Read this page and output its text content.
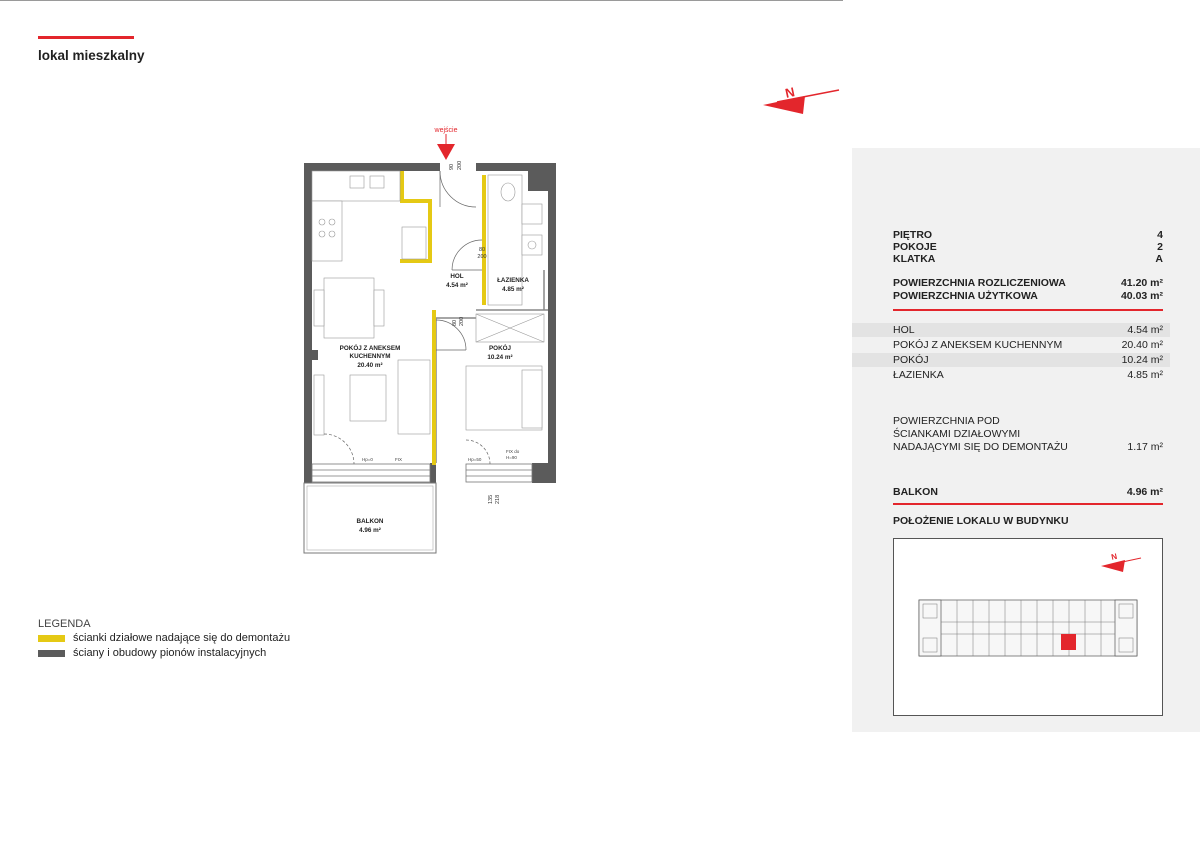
lokal mieszkalny
N
wejście
90 200
80
200
80 200
Hp=0	FIX	Hp=50
FIX do
H=90
135 218
HOL
4.54 m²
ŁAZIENKA
4.85 m²
POKÓJ Z ANEKSEM
KUCHENNYM
20.40 m²
POKÓJ
10.24 m²
BALKON
4.96 m²
LEGENDA
ścianki działowe nadające się do demontażu
ściany i obudowy pionów instalacyjnych
PIĘTRO	4
POKOJE	2
KLATKA	A
POWIERZCHNIA ROZLICZENIOWA	41.20 m²
POWIERZCHNIA UŻYTKOWA	40.03 m²
HOL	4.54 m²
POKÓJ Z ANEKSEM KUCHENNYM	20.40 m²
POKÓJ	10.24 m²
ŁAZIENKA	4.85 m²
POWIERZCHNIA POD
ŚCIANKAMI DZIAŁOWYMI
NADAJĄCYMI SIĘ DO DEMONTAŻU	1.17 m²
BALKON	4.96 m²
POŁOŻENIE LOKALU W BUDYNKU
N
